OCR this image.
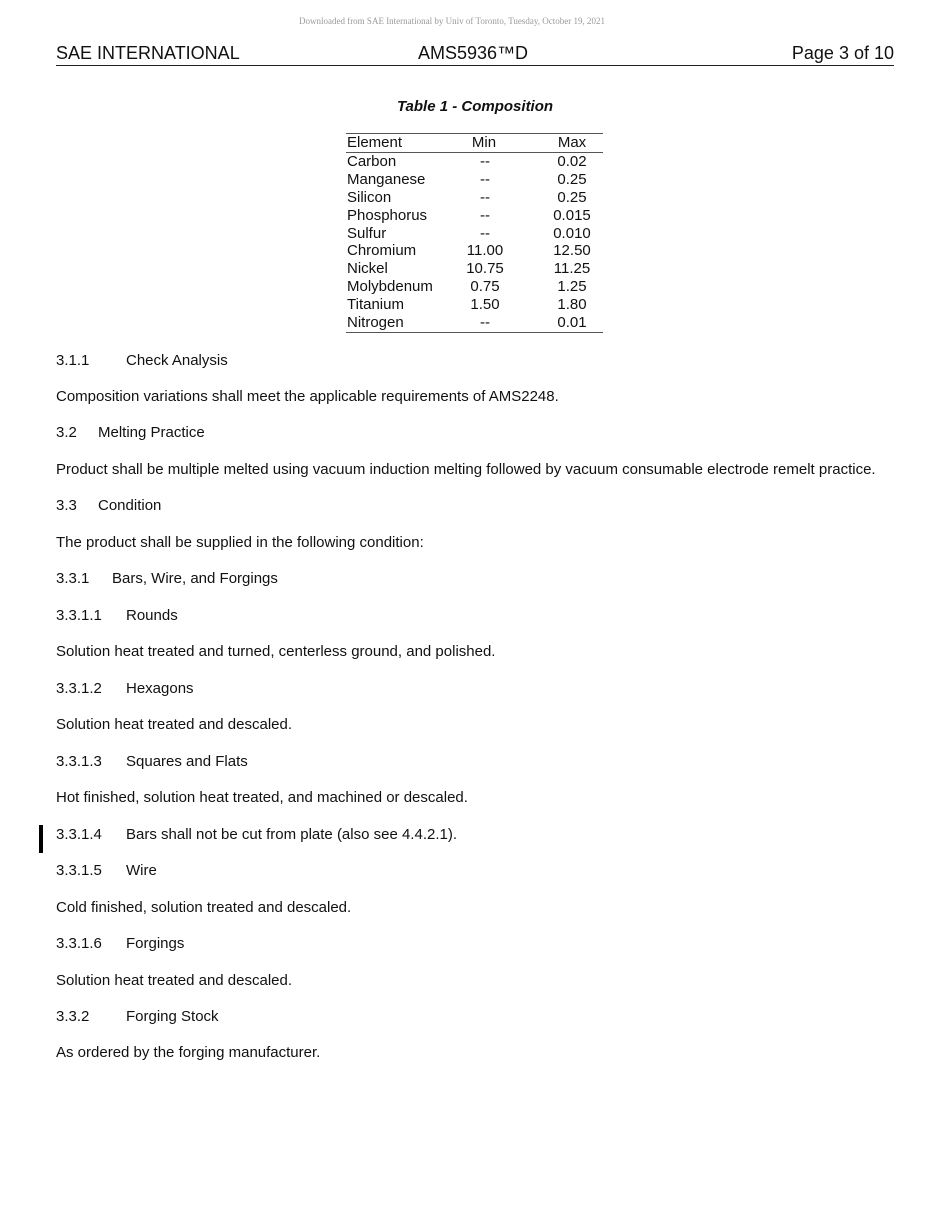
Downloaded from SAE International by Univ of Toronto, Tuesday, October 19, 2021
SAE INTERNATIONAL	AMS5936™D	Page 3 of 10
Table 1 - Composition
Element	Min	Max
Carbon	--	0.02
Manganese	--	0.25
Silicon	--	0.25
Phosphorus	--	0.015
Sulfur	--	0.010
Chromium	11.00	12.50
Nickel	10.75	11.25
Molybdenum	0.75	1.25
Titanium	1.50	1.80
Nitrogen	--	0.01
3.1.1 Check Analysis
Composition variations shall meet the applicable requirements of AMS2248.
3.2 Melting Practice
Product shall be multiple melted using vacuum induction melting followed by vacuum consumable electrode remelt practice.
3.3 Condition
The product shall be supplied in the following condition:
3.3.1 Bars, Wire, and Forgings
3.3.1.1 Rounds
Solution heat treated and turned, centerless ground, and polished.
3.3.1.2 Hexagons
Solution heat treated and descaled.
3.3.1.3 Squares and Flats
Hot finished, solution heat treated, and machined or descaled.
3.3.1.4 Bars shall not be cut from plate (also see 4.4.2.1).
3.3.1.5 Wire
Cold finished, solution treated and descaled.
3.3.1.6 Forgings
Solution heat treated and descaled.
3.3.2 Forging Stock
As ordered by the forging manufacturer.
